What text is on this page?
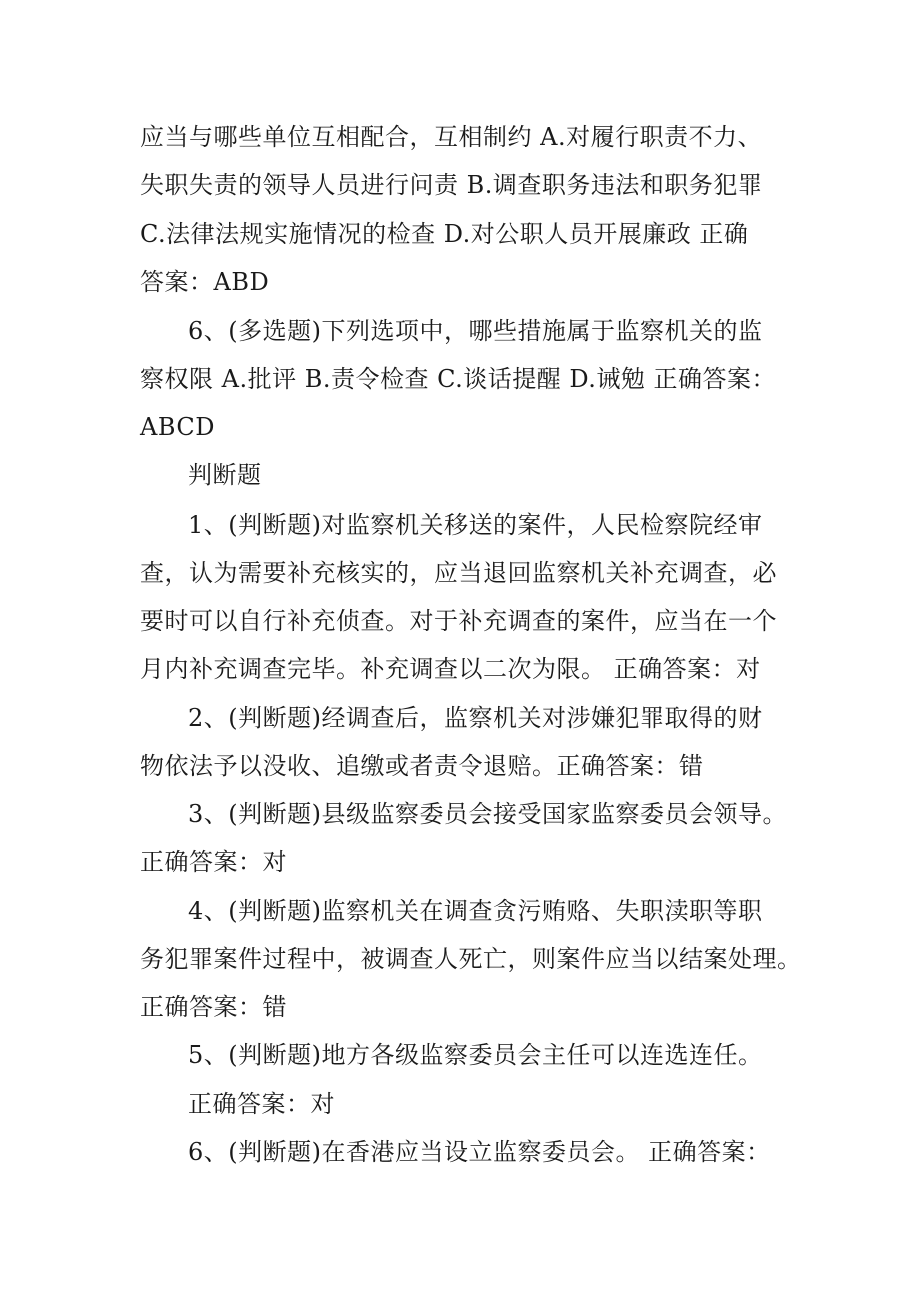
应当与哪些单位互相配合，互相制约 A.对履行职责不力、
失职失责的领导人员进行问责 B.调查职务违法和职务犯罪
C.法律法规实施情况的检查 D.对公职人员开展廉政 正确
答案：ABD
6、(多选题)下列选项中，哪些措施属于监察机关的监
察权限 A.批评 B.责令检查 C.谈话提醒 D.诫勉 正确答案：
ABCD
判断题
1、(判断题)对监察机关移送的案件，人民检察院经审
查，认为需要补充核实的，应当退回监察机关补充调查，必
要时可以自行补充侦查。对于补充调查的案件，应当在一个
月内补充调查完毕。补充调查以二次为限。 正确答案：对
2、(判断题)经调查后，监察机关对涉嫌犯罪取得的财
物依法予以没收、追缴或者责令退赔。正确答案：错
3、(判断题)县级监察委员会接受国家监察委员会领导。
正确答案：对
4、(判断题)监察机关在调查贪污贿赂、失职渎职等职
务犯罪案件过程中，被调查人死亡，则案件应当以结案处理。
正确答案：错
5、(判断题)地方各级监察委员会主任可以连选连任。
正确答案：对
6、(判断题)在香港应当设立监察委员会。 正确答案：
